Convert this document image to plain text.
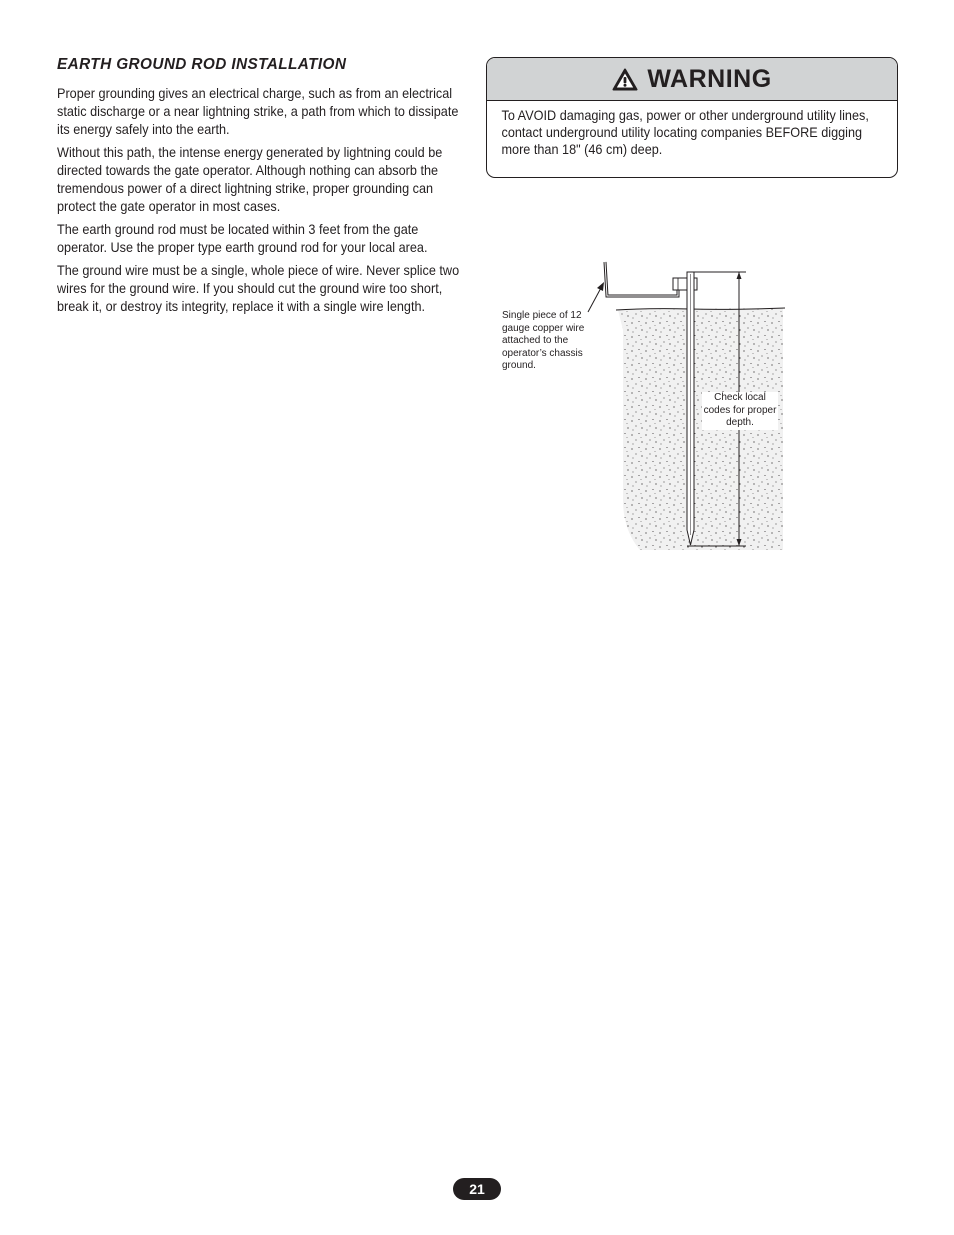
EARTH GROUND ROD INSTALLATION

Proper grounding gives an electrical charge, such as from an electrical static discharge or a near lightning strike, a path from which to dissipate its energy safely into the earth.

Without this path, the intense energy generated by lightning could be directed towards the gate operator. Although nothing can absorb the tremendous power of a direct lightning strike, proper grounding can protect the gate operator in most cases.

The earth ground rod must be located within 3 feet from the gate operator. Use the proper type earth ground rod for your local area.

The ground wire must be a single, whole piece of wire. Never splice two wires for the ground wire. If you should cut the ground wire too short, break it, or destroy its integrity, replace it with a single wire length.

WARNING

To AVOID damaging gas, power or other underground utility lines, contact underground utility locating companies BEFORE digging more than 18" (46 cm) deep.

Single piece of 12 gauge copper wire attached to the operator’s chassis ground.

Check local codes for proper depth.

21
